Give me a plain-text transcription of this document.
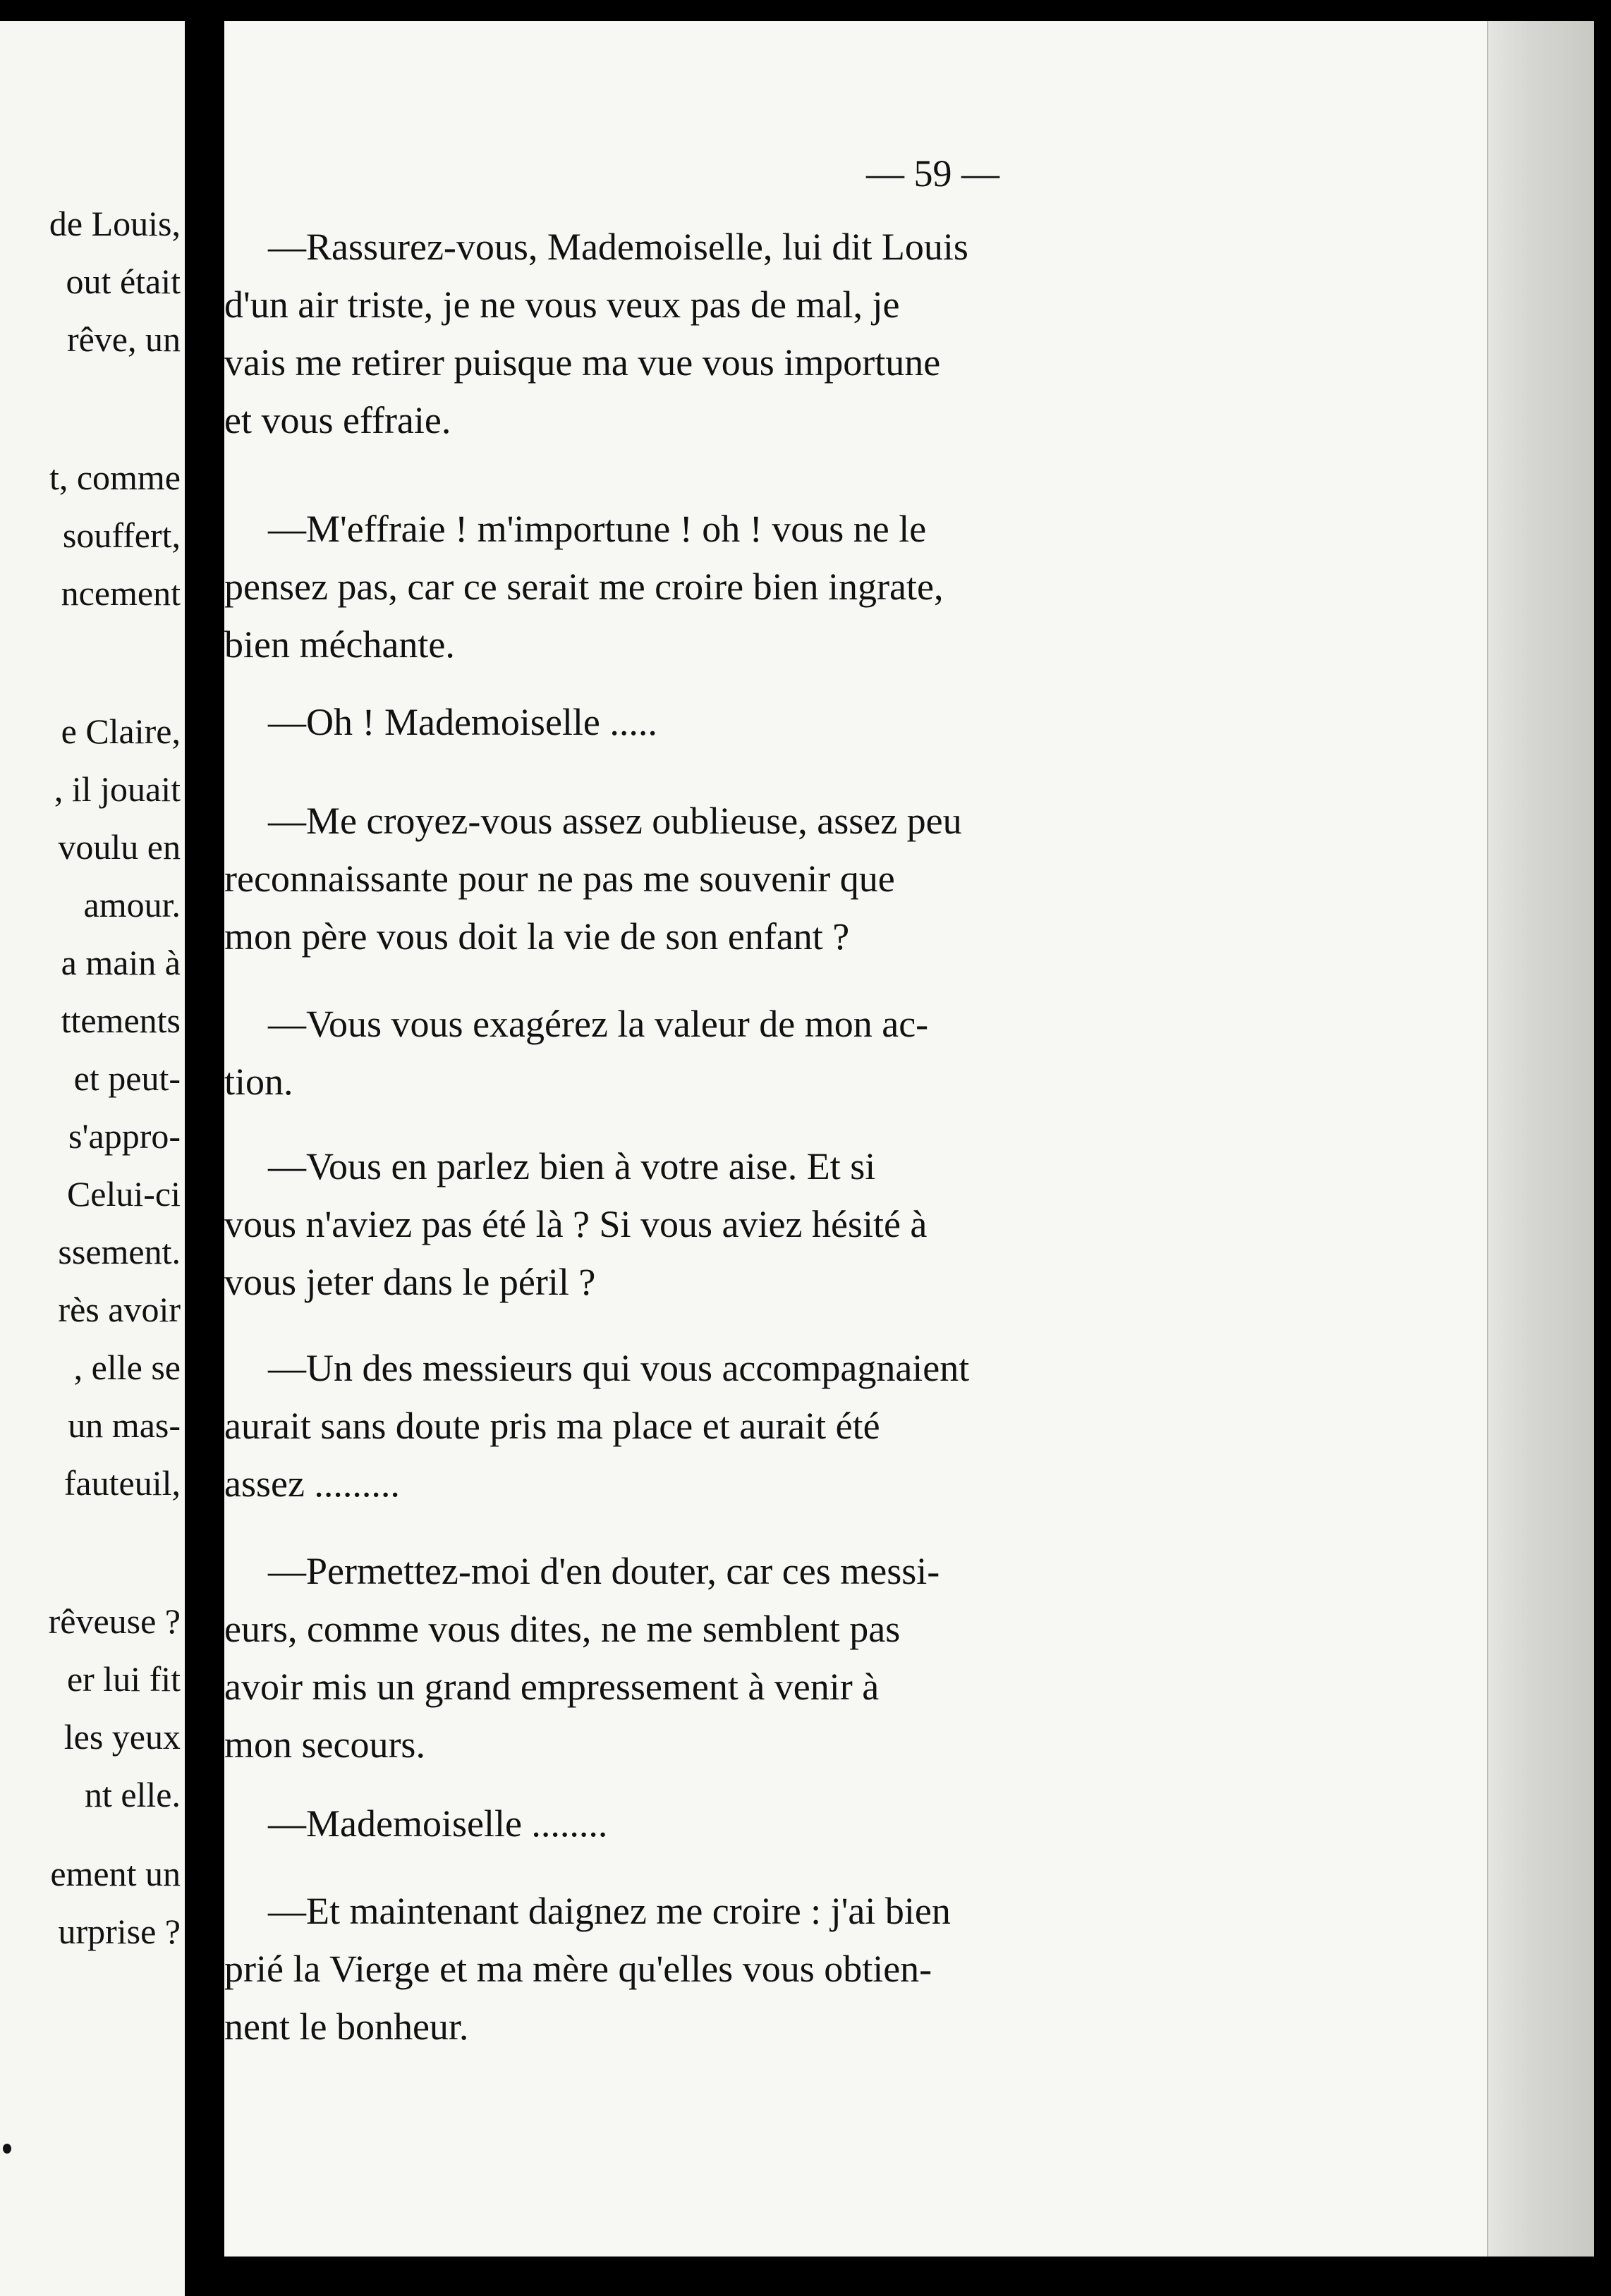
de Louis,
out était
rêve, un
t, comme
souffert,
ncement
e Claire,
, il jouait
voulu en
amour.
a main à
ttements
et peut-
s'appro-
Celui-ci
ssement.
rès avoir
, elle se
un mas-
fauteuil,
rêveuse ?
er lui fit
les yeux
nt elle.
ement un
urprise ?
— 59 —
—Rassurez-vous, Mademoiselle, lui dit Louis
d'un air triste, je ne vous veux pas de mal, je
vais me retirer puisque ma vue vous importune
et vous effraie.
—M'effraie ! m'importune ! oh ! vous ne le
pensez pas, car ce serait me croire bien ingrate,
bien méchante.
—Oh ! Mademoiselle .....
—Me croyez-vous assez oublieuse, assez peu
reconnaissante pour ne pas me souvenir que
mon père vous doit la vie de son enfant ?
—Vous vous exagérez la valeur de mon ac-
tion.
—Vous en parlez bien à votre aise. Et si
vous n'aviez pas été là ? Si vous aviez hésité à
vous jeter dans le péril ?
—Un des messieurs qui vous accompagnaient
aurait sans doute pris ma place et aurait été
assez .........
—Permettez-moi d'en douter, car ces messi-
eurs, comme vous dites, ne me semblent pas
avoir mis un grand empressement à venir à
mon secours.
—Mademoiselle ........
—Et maintenant daignez me croire : j'ai bien
prié la Vierge et ma mère qu'elles vous obtien-
nent le bonheur.
